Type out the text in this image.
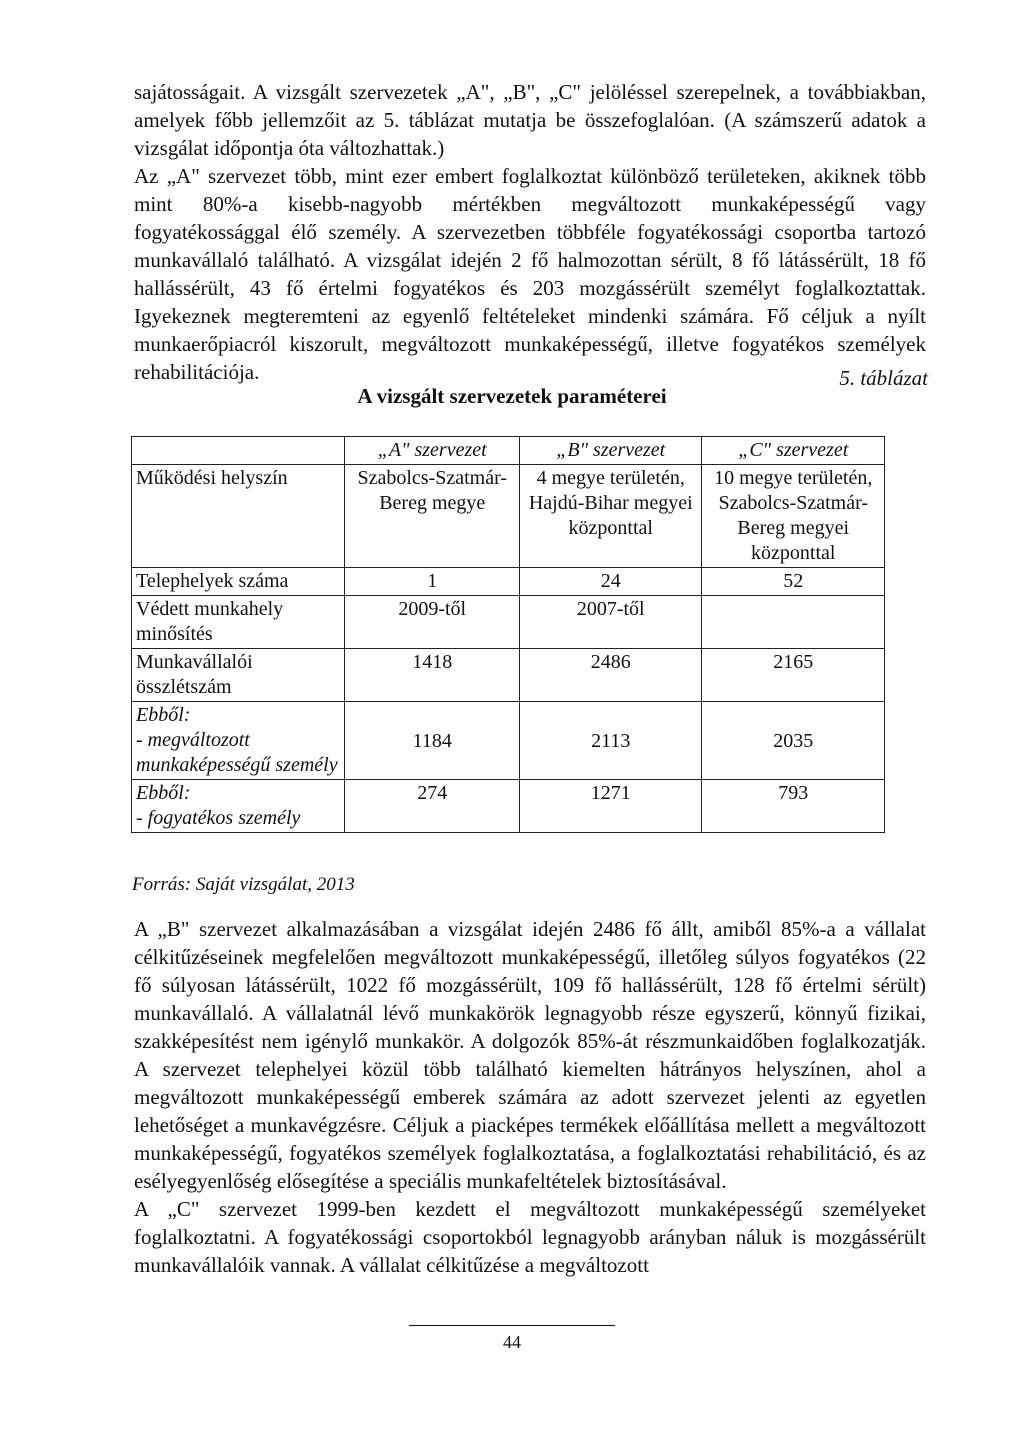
sajátosságait. A vizsgált szervezetek „A", „B", „C" jelöléssel szerepelnek, a továbbiakban, amelyek főbb jellemzőit az 5. táblázat mutatja be összefoglalóan. (A számszerű adatok a vizsgálat időpontja óta változhattak.)

Az „A" szervezet több, mint ezer embert foglalkoztat különböző területeken, akiknek több mint 80%-a kisebb-nagyobb mértékben megváltozott munkaképességű vagy fogyatékossággal élő személy. A szervezetben többféle fogyatékossági csoportba tartozó munkavállaló található. A vizsgálat idején 2 fő halmozottan sérült, 8 fő látássérült, 18 fő hallássérült, 43 fő értelmi fogyatékos és 203 mozgássérült személyt foglalkoztattak. Igyekeznek megteremteni az egyenlő feltételeket mindenki számára. Fő céljuk a nyílt munkaerőpiacról kiszorult, megváltozott munkaképességű, illetve fogyatékos személyek rehabilitációja.	5. táblázat
A vizsgált szervezetek paraméterei
	„A" szervezet	„B" szervezet	„C" szervezet
Működési helyszín	Szabolcs-Szatmár-Bereg megye	4 megye területén, Hajdú-Bihar megyei központtal	10 megye területén, Szabolcs-Szatmár-Bereg megyei központtal
Telephelyek száma	1	24	52
Védett munkahely minősítés	2009-től	2007-től	
Munkavállalói összlétszám	1418	2486	2165

Ebből:
- megváltozott munkaképességű személy	1184	2113	2035

Ebből:
- fogyatékos személy	274	1271	793
Forrás: Saját vizsgálat, 2013

A „B" szervezet alkalmazásában a vizsgálat idején 2486 fő állt, amiből 85%-a a vállalat célkitűzéseinek megfelelően megváltozott munkaképességű, illetőleg súlyos fogyatékos (22 fő súlyosan látássérült, 1022 fő mozgássérült, 109 fő hallássérült, 128 fő értelmi sérült) munkavállaló. A vállalatnál lévő munkakörök legnagyobb része egyszerű, könnyű fizikai, szakképesítést nem igénylő munkakör. A dolgozók 85%-át részmunkaidőben foglalkozatják. A szervezet telephelyei közül több található kiemelten hátrányos helyszínen, ahol a megváltozott munkaképességű emberek számára az adott szervezet jelenti az egyetlen lehetőséget a munkavégzésre. Céljuk a piacképes termékek előállítása mellett a megváltozott munkaképességű, fogyatékos személyek foglalkoztatása, a foglalkoztatási rehabilitáció, és az esélyegyenlőség elősegítése a speciális munkafeltételek biztosításával.

A „C" szervezet 1999-ben kezdett el megváltozott munkaképességű személyeket foglalkoztatni. A fogyatékossági csoportokból legnagyobb arányban náluk is mozgássérült munkavállalóik vannak. A vállalat célkitűzése a megváltozott

44
